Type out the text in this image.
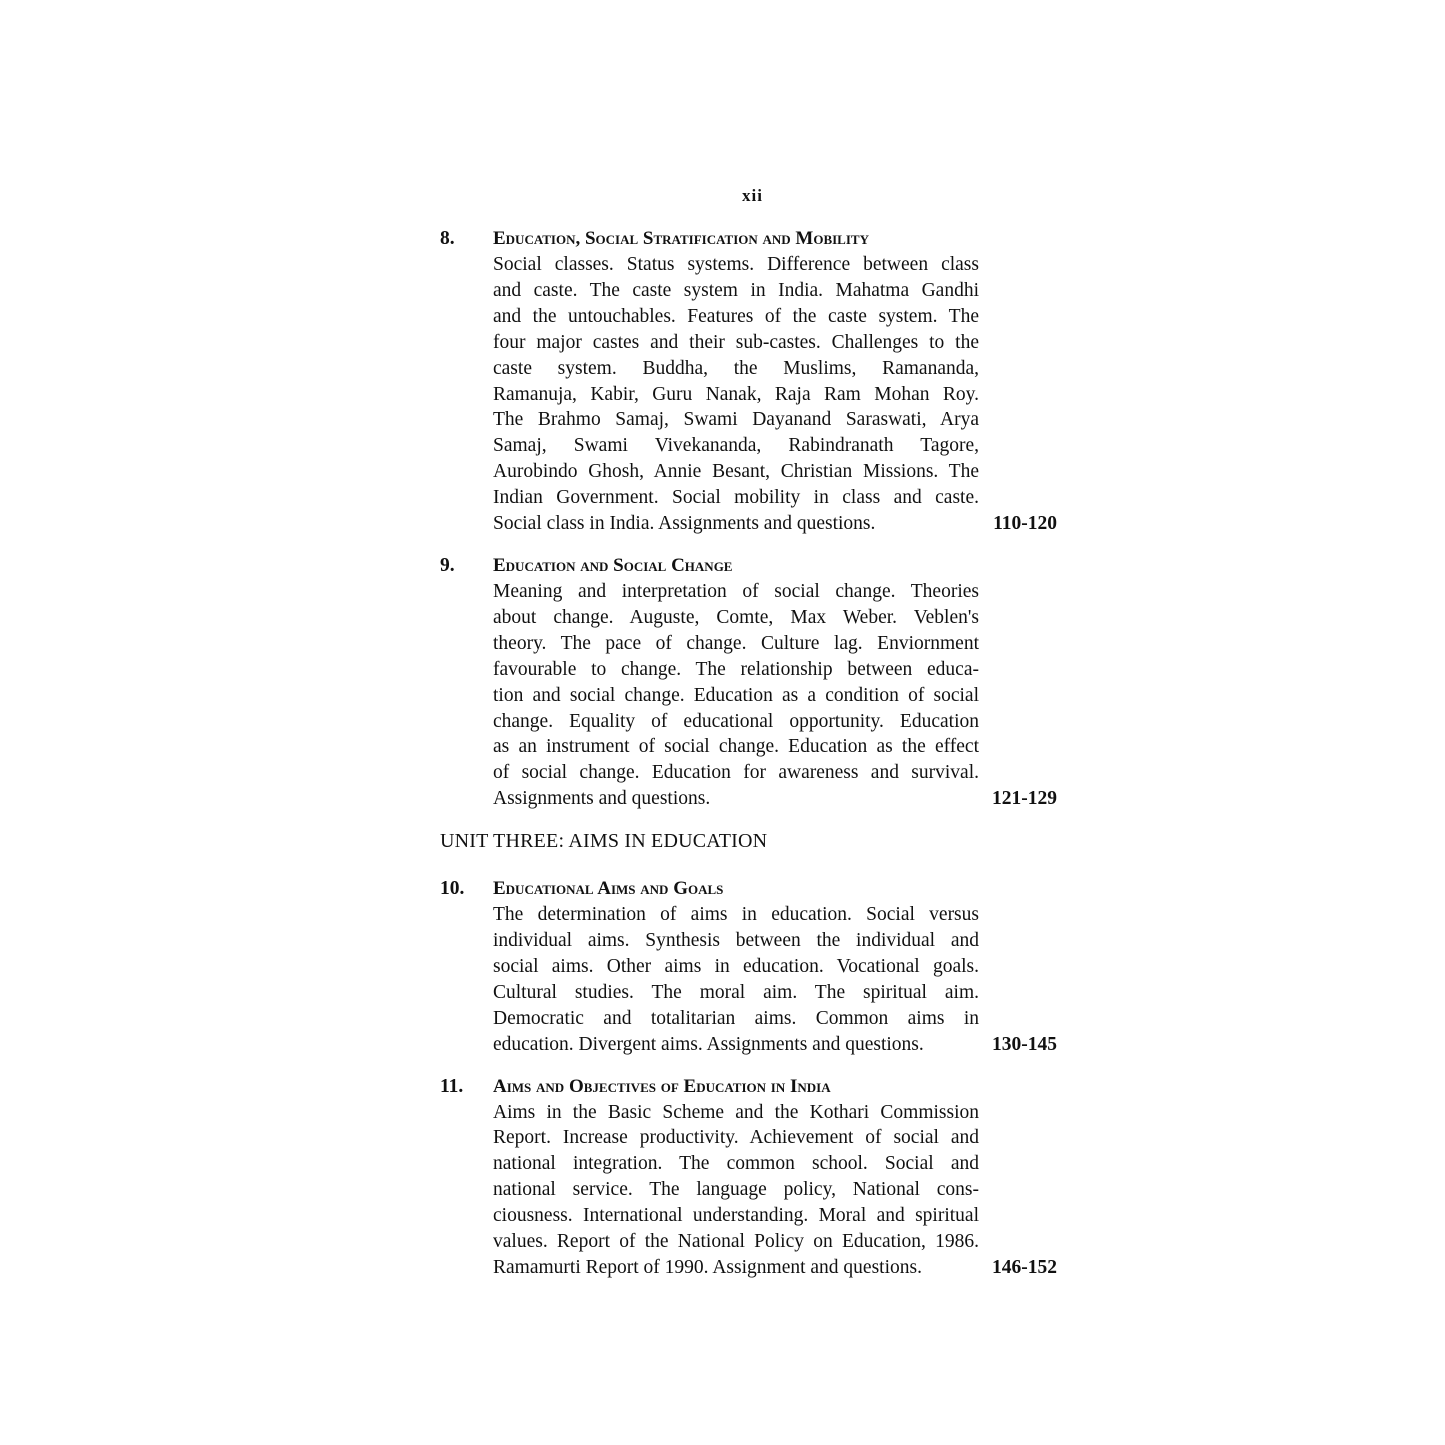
xii
8. Education, Social Stratification and Mobility
Social classes. Status systems. Difference between class
and caste. The caste system in India. Mahatma Gandhi
and the untouchables. Features of the caste system. The
four major castes and their sub-castes. Challenges to the
caste system. Buddha, the Muslims, Ramananda,
Ramanuja, Kabir, Guru Nanak, Raja Ram Mohan Roy.
The Brahmo Samaj, Swami Dayanand Saraswati, Arya
Samaj, Swami Vivekananda, Rabindranath Tagore,
Aurobindo Ghosh, Annie Besant, Christian Missions. The
Indian Government. Social mobility in class and caste.
Social class in India. Assignments and questions.	110-120
9. Education and Social Change
Meaning and interpretation of social change. Theories
about change. Auguste, Comte, Max Weber. Veblen's
theory. The pace of change. Culture lag. Enviornment
favourable to change. The relationship between educa-
tion and social change. Education as a condition of social
change. Equality of educational opportunity. Education
as an instrument of social change. Education as the effect
of social change. Education for awareness and survival.
Assignments and questions.	121-129
UNIT THREE: AIMS IN EDUCATION
10. Educational Aims and Goals
The determination of aims in education. Social versus
individual aims. Synthesis between the individual and
social aims. Other aims in education. Vocational goals.
Cultural studies. The moral aim. The spiritual aim.
Democratic and totalitarian aims. Common aims in
education. Divergent aims. Assignments and questions.	130-145
11. Aims and Objectives of Education in India
Aims in the Basic Scheme and the Kothari Commission
Report. Increase productivity. Achievement of social and
national integration. The common school. Social and
national service. The language policy, National cons-
ciousness. International understanding. Moral and spiritual
values. Report of the National Policy on Education, 1986.
Ramamurti Report of 1990. Assignment and questions.	146-152
